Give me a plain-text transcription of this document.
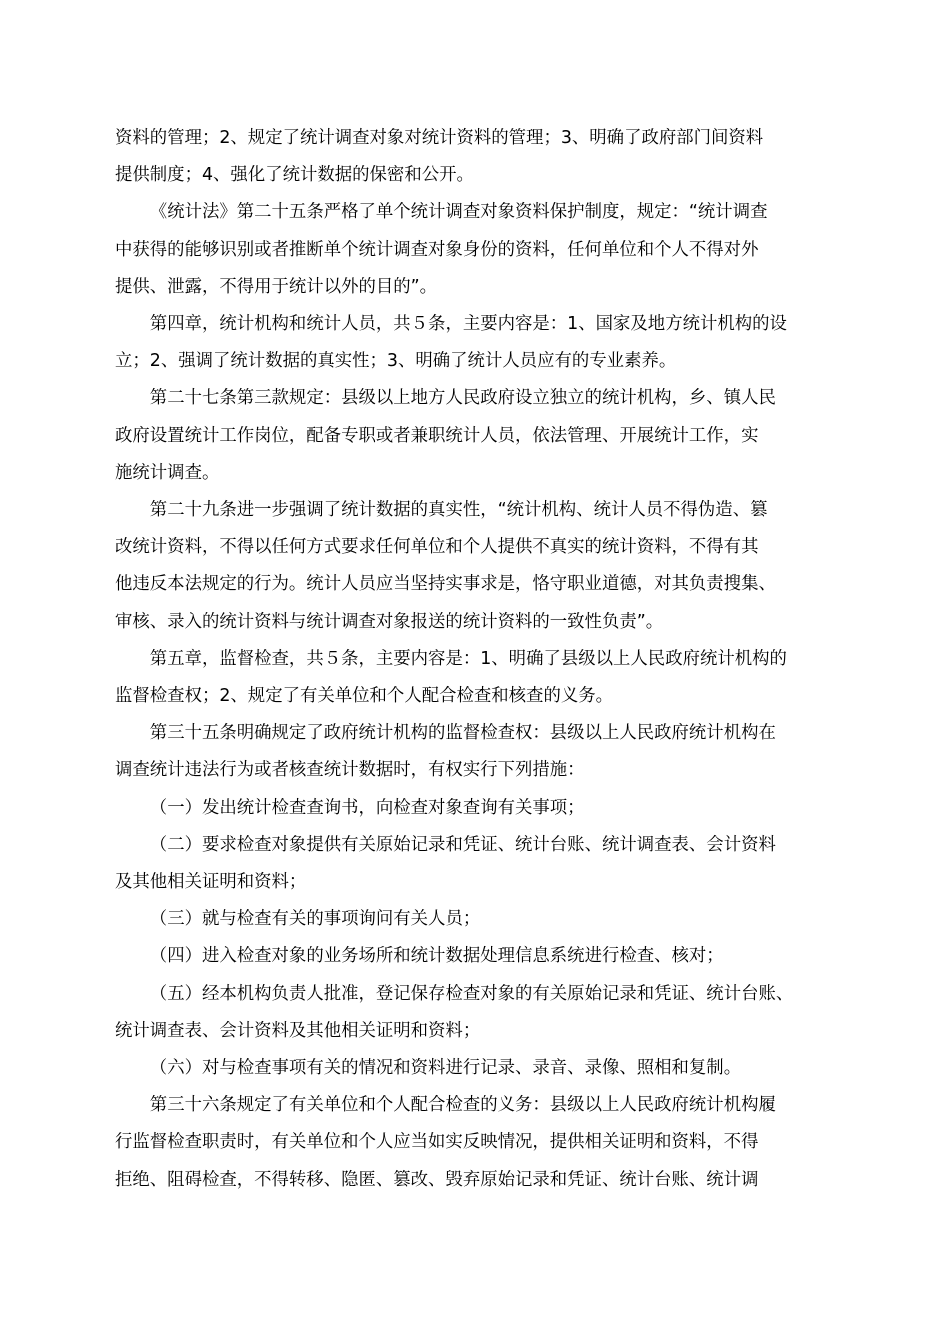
资料的管理；2、规定了统计调查对象对统计资料的管理；3、明确了政府部门间资料
提供制度；4、强化了统计数据的保密和公开。
《统计法》第二十五条严格了单个统计调查对象资料保护制度，规定：“统计调查
中获得的能够识别或者推断单个统计调查对象身份的资料，任何单位和个人不得对外
提供、泄露，不得用于统计以外的目的”。
第四章，统计机构和统计人员，共５条，主要内容是：1、国家及地方统计机构的设
立；2、强调了统计数据的真实性；3、明确了统计人员应有的专业素养。
第二十七条第三款规定：县级以上地方人民政府设立独立的统计机构，乡、镇人民
政府设置统计工作岗位，配备专职或者兼职统计人员，依法管理、开展统计工作，实
施统计调查。
第二十九条进一步强调了统计数据的真实性，“统计机构、统计人员不得伪造、篡
改统计资料，不得以任何方式要求任何单位和个人提供不真实的统计资料，不得有其
他违反本法规定的行为。统计人员应当坚持实事求是，恪守职业道德，对其负责搜集、
审核、录入的统计资料与统计调查对象报送的统计资料的一致性负责”。
第五章，监督检查，共５条，主要内容是：1、明确了县级以上人民政府统计机构的
监督检查权；2、规定了有关单位和个人配合检查和核查的义务。
第三十五条明确规定了政府统计机构的监督检查权：县级以上人民政府统计机构在
调查统计违法行为或者核查统计数据时，有权实行下列措施：
（一）发出统计检查查询书，向检查对象查询有关事项；
（二）要求检查对象提供有关原始记录和凭证、统计台账、统计调查表、会计资料
及其他相关证明和资料；
（三）就与检查有关的事项询问有关人员；
（四）进入检查对象的业务场所和统计数据处理信息系统进行检查、核对；
（五）经本机构负责人批准，登记保存检查对象的有关原始记录和凭证、统计台账、
统计调查表、会计资料及其他相关证明和资料；
（六）对与检查事项有关的情况和资料进行记录、录音、录像、照相和复制。
第三十六条规定了有关单位和个人配合检查的义务：县级以上人民政府统计机构履
行监督检查职责时，有关单位和个人应当如实反映情况，提供相关证明和资料，不得
拒绝、阻碍检查，不得转移、隐匿、篡改、毁弃原始记录和凭证、统计台账、统计调
